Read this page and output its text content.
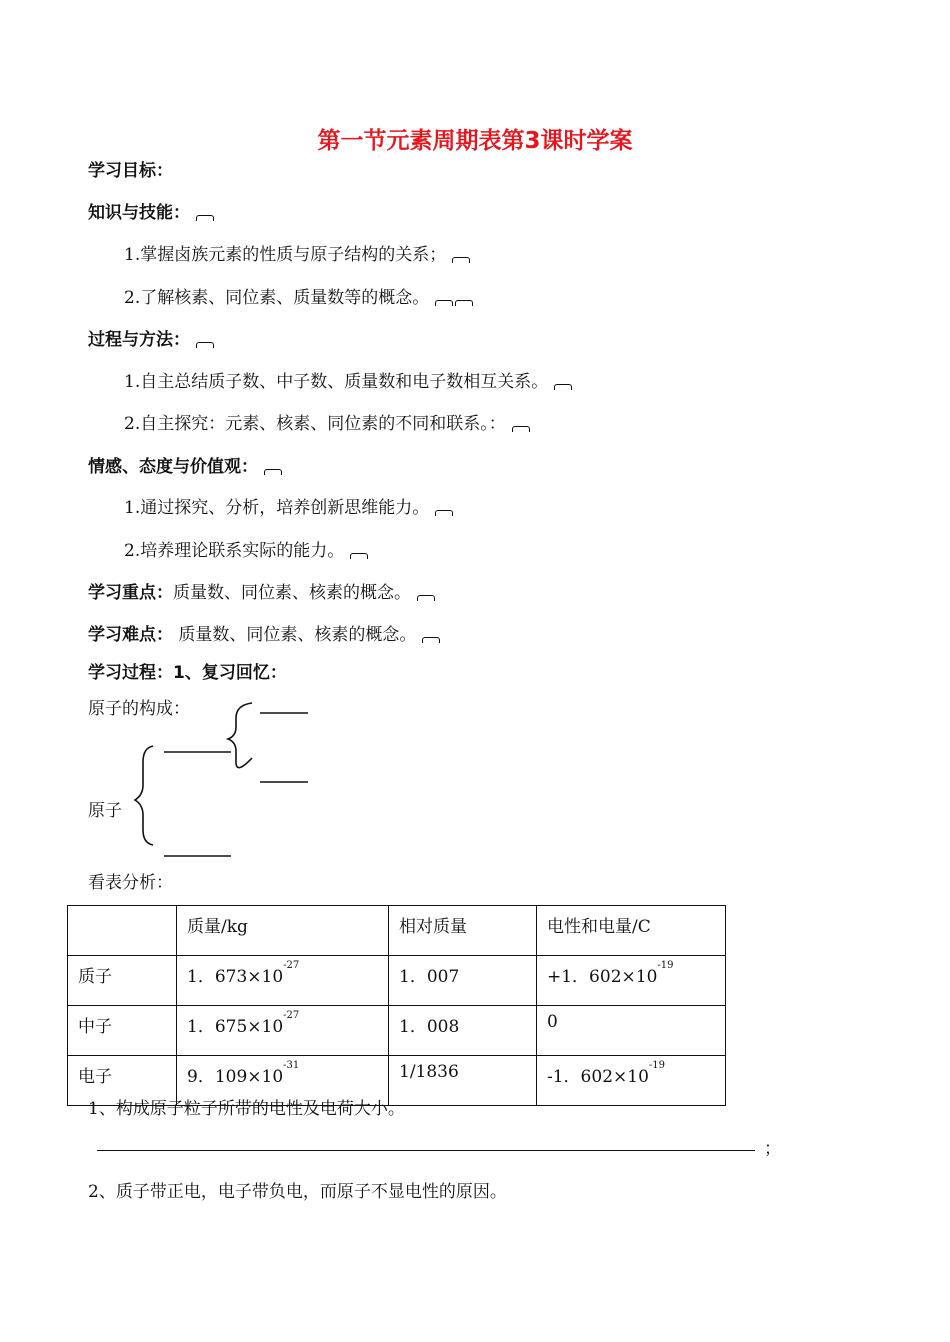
第一节元素周期表第3课时学案
学习目标：
知识与技能：
1.掌握卤族元素的性质与原子结构的关系；
2.了解核素、同位素、质量数等的概念。
过程与方法：
1.自主总结质子数、中子数、质量数和电子数相互关系。
2.自主探究：元素、核素、同位素的不同和联系。：
情感、态度与价值观：
1.通过探究、分析，培养创新思维能力。
2.培养理论联系实际的能力。
学习重点：质量数、同位素、核素的概念。
学习难点： 质量数、同位素、核素的概念。
学习过程：1、复习回忆：
原子的构成：
原子
看表分析：
	质量/kg	相对质量	电性和电量/C
质子	1．$673\times 10^{-27}$	1．007	+1．$602\times 10^{-19}$
中子	1．$675\times 10^{-27}$	1．008	0
电子	9．$109\times 10^{-31}$	1/1836	-1．$602\times 10^{-19}$
1、构成原子粒子所带的电性及电荷大小。
；
2、质子带正电，电子带负电，而原子不显电性的原因。
